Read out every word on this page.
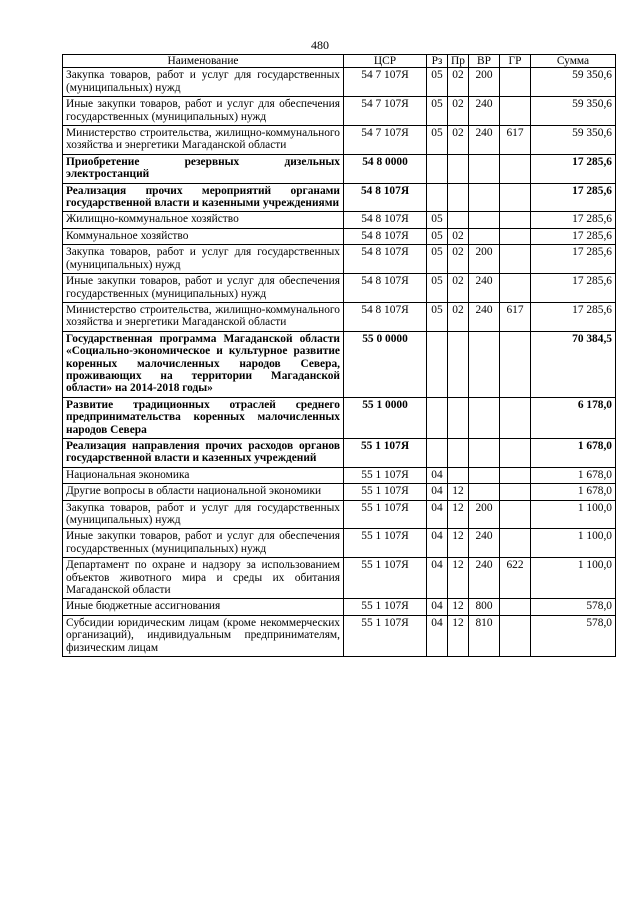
480
Наименование	ЦСР	Рз	Пр	ВР	ГР	Сумма
Закупка товаров, работ и услуг для государственных (муниципальных) нужд	54 7 107Я	05	02	200		59 350,6
Иные закупки товаров, работ и услуг для обеспечения государственных (муниципальных) нужд	54 7 107Я	05	02	240		59 350,6
Министерство строительства, жилищно-коммунального хозяйства и энергетики Магаданской области	54 7 107Я	05	02	240	617	59 350,6
Приобретение резервных дизельных электростанций	54 8 0000					17 285,6
Реализация прочих мероприятий органами государственной власти и казенными учреждениями	54 8 107Я					17 285,6
Жилищно-коммунальное хозяйство	54 8 107Я	05				17 285,6
Коммунальное хозяйство	54 8 107Я	05	02			17 285,6
Закупка товаров, работ и услуг для государственных (муниципальных) нужд	54 8 107Я	05	02	200		17 285,6
Иные закупки товаров, работ и услуг для обеспечения государственных (муниципальных) нужд	54 8 107Я	05	02	240		17 285,6
Министерство строительства, жилищно-коммунального хозяйства и энергетики Магаданской области	54 8 107Я	05	02	240	617	17 285,6
Государственная программа Магаданской области «Социально-экономическое и культурное развитие коренных малочисленных народов Севера, проживающих на территории Магаданской области» на 2014-2018 годы»	55 0 0000					70 384,5
Развитие традиционных отраслей среднего предпринимательства коренных малочисленных народов Севера	55 1 0000					6 178,0
Реализация направления прочих расходов органов государственной власти и казенных учреждений	55 1 107Я					1 678,0
Национальная экономика	55 1 107Я	04				1 678,0
Другие вопросы в области национальной экономики	55 1 107Я	04	12			1 678,0
Закупка товаров, работ и услуг для государственных (муниципальных) нужд	55 1 107Я	04	12	200		1 100,0
Иные закупки товаров, работ и услуг для обеспечения государственных (муниципальных) нужд	55 1 107Я	04	12	240		1 100,0
Департамент по охране и надзору за использованием объектов животного мира и среды их обитания Магаданской области	55 1 107Я	04	12	240	622	1 100,0
Иные бюджетные ассигнования	55 1 107Я	04	12	800		578,0
Субсидии юридическим лицам (кроме некоммерческих организаций), индивидуальным предпринимателям, физическим лицам	55 1 107Я	04	12	810		578,0
